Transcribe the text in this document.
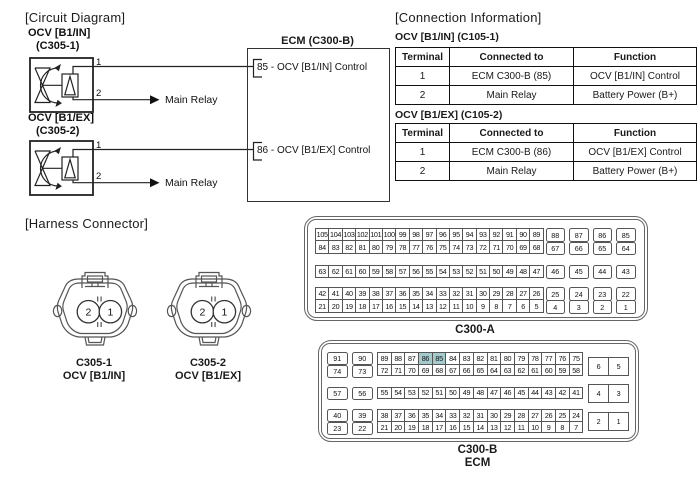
[Circuit Diagram]
OCV [B1/IN]
(C305-1)
OCV [B1/EX]
(C305-2)
1
2
1
2
Main Relay
Main Relay
ECM (C300-B)
85 - OCV [B1/IN] Control
86 - OCV [B1/EX] Control
[Connection Information]
OCV [B1/IN] (C105-1)
Terminal	Connected to	Function
1	ECM C300-B (85)	OCV [B1/IN] Control
2	Main Relay	Battery Power (B+)
OCV [B1/EX] (C105-2)
Terminal	Connected to	Function
1	ECM C300-B (86)	OCV [B1/EX] Control
2	Main Relay	Battery Power (B+)
[Harness Connector]
2 1
C305-1
OCV [B1/IN]
2 1
C305-2
OCV [B1/EX]
105 104 103 102 101 100 99 98 97 96 95 94 93 92 91 90 89
84 83 82 81 80 79 78 77 76 75 74 73 72 71 70 69 68
63 62 61 60 59 58 57 56 55 54 53 52 51 50 49 48 47
42 41 40 39 38 37 36 35 34 33 32 31 30 29 28 27 26
21 20 19 18 17 16 15 14 13 12 11 10	9	8	7	6	5
88	87	86	85
67	66	65	64
46	45	44	43
25	24	23	22
4	3	2	1
C300-A
89 88 87 86 85 84 83 82 81 80 79 78 77 76 75
72 71 70 69 68 67 66 65 64 63 62 61 60 59 58
55 54 53 52 51 50 49 48 47 46 45 44 43 42 41
38 37 36 35 34 33 32 31 30 29 28 27 26 25 24
21 20 19 18 17 16 15 14 13 12 11 10	9	8	7
91	90
74	73
57	56
40	39
23	22
6	5
4	3
2	1
C300-B
ECM
